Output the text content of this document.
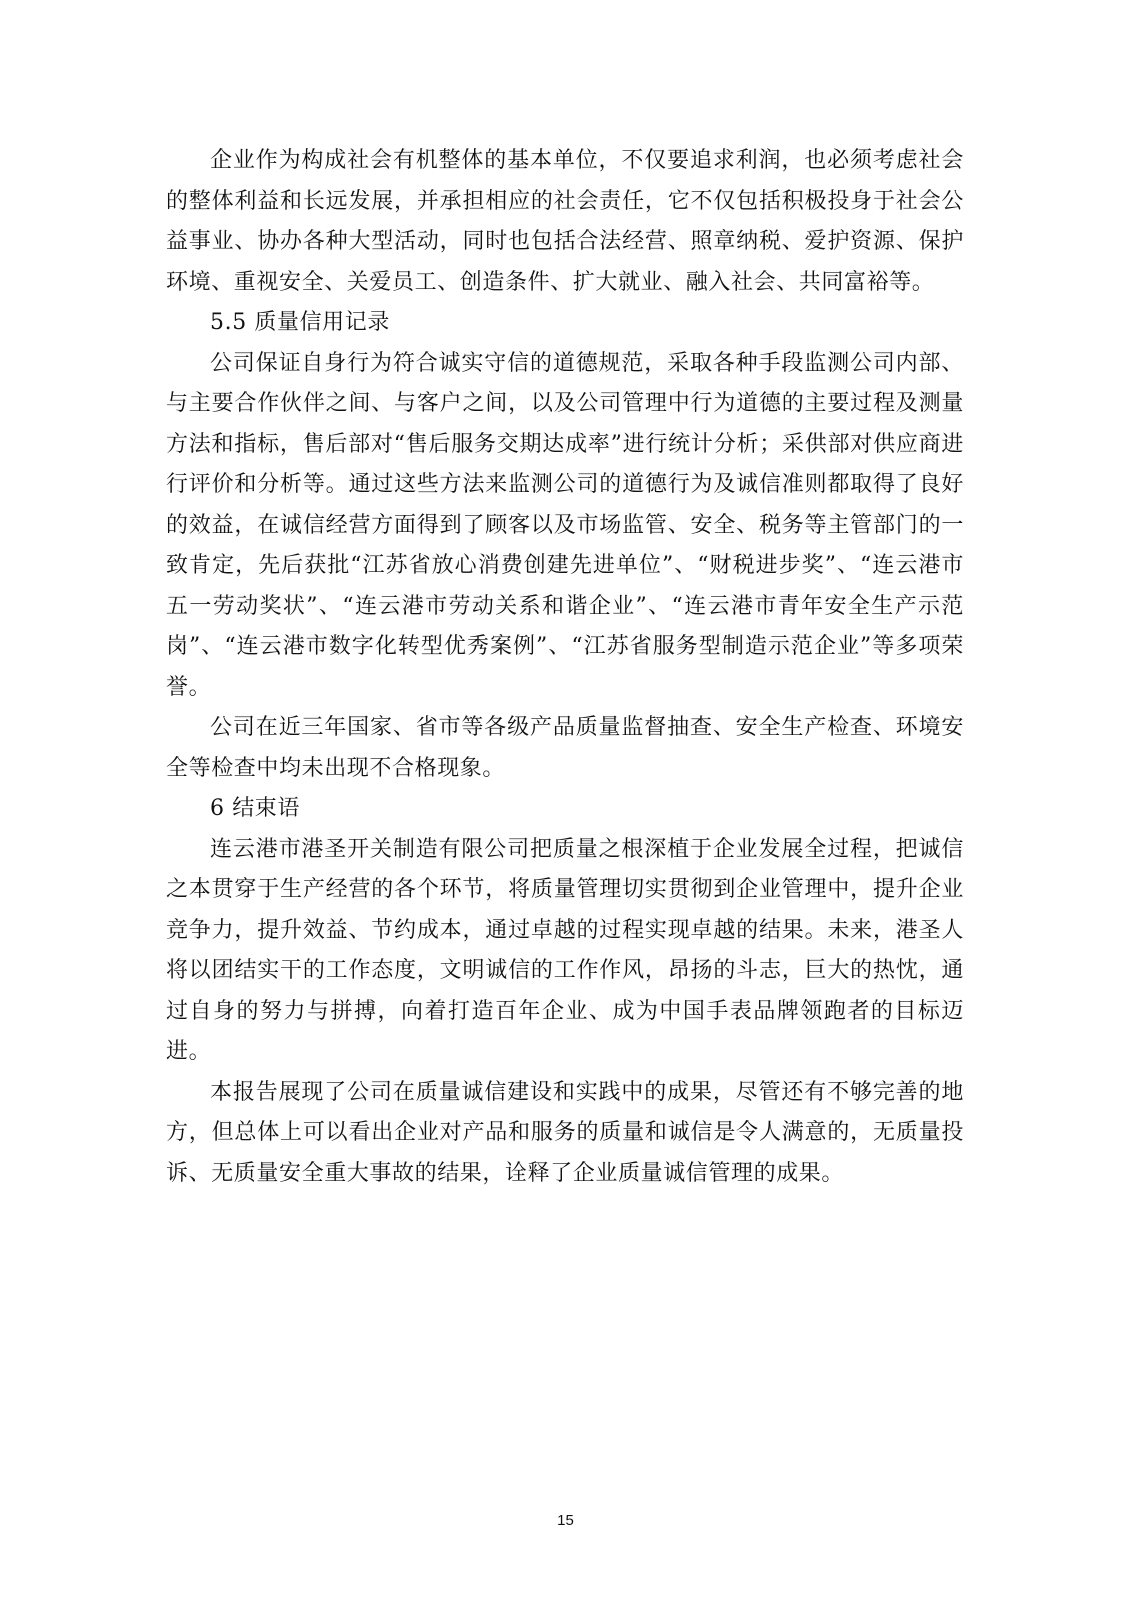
企业作为构成社会有机整体的基本单位，不仅要追求利润，也必须考虑社会的整体利益和长远发展，并承担相应的社会责任，它不仅包括积极投身于社会公益事业、协办各种大型活动，同时也包括合法经营、照章纳税、爱护资源、保护环境、重视安全、关爱员工、创造条件、扩大就业、融入社会、共同富裕等。

5.5 质量信用记录

公司保证自身行为符合诚实守信的道德规范，采取各种手段监测公司内部、与主要合作伙伴之间、与客户之间，以及公司管理中行为道德的主要过程及测量方法和指标，售后部对“售后服务交期达成率”进行统计分析；采供部对供应商进行评价和分析等。通过这些方法来监测公司的道德行为及诚信准则都取得了良好的效益，在诚信经营方面得到了顾客以及市场监管、安全、税务等主管部门的一致肯定，先后获批“江苏省放心消费创建先进单位”、“财税进步奖”、“连云港市五一劳动奖状”、“连云港市劳动关系和谐企业”、“连云港市青年安全生产示范岗”、“连云港市数字化转型优秀案例”、“江苏省服务型制造示范企业”等多项荣誉。

公司在近三年国家、省市等各级产品质量监督抽查、安全生产检查、环境安全等检查中均未出现不合格现象。

6 结束语

连云港市港圣开关制造有限公司把质量之根深植于企业发展全过程，把诚信之本贯穿于生产经营的各个环节，将质量管理切实贯彻到企业管理中，提升企业竞争力，提升效益、节约成本，通过卓越的过程实现卓越的结果。未来，港圣人将以团结实干的工作态度，文明诚信的工作作风，昂扬的斗志，巨大的热忱，通过自身的努力与拼搏，向着打造百年企业、成为中国手表品牌领跑者的目标迈进。

本报告展现了公司在质量诚信建设和实践中的成果，尽管还有不够完善的地方，但总体上可以看出企业对产品和服务的质量和诚信是令人满意的，无质量投诉、无质量安全重大事故的结果，诠释了企业质量诚信管理的成果。

15
